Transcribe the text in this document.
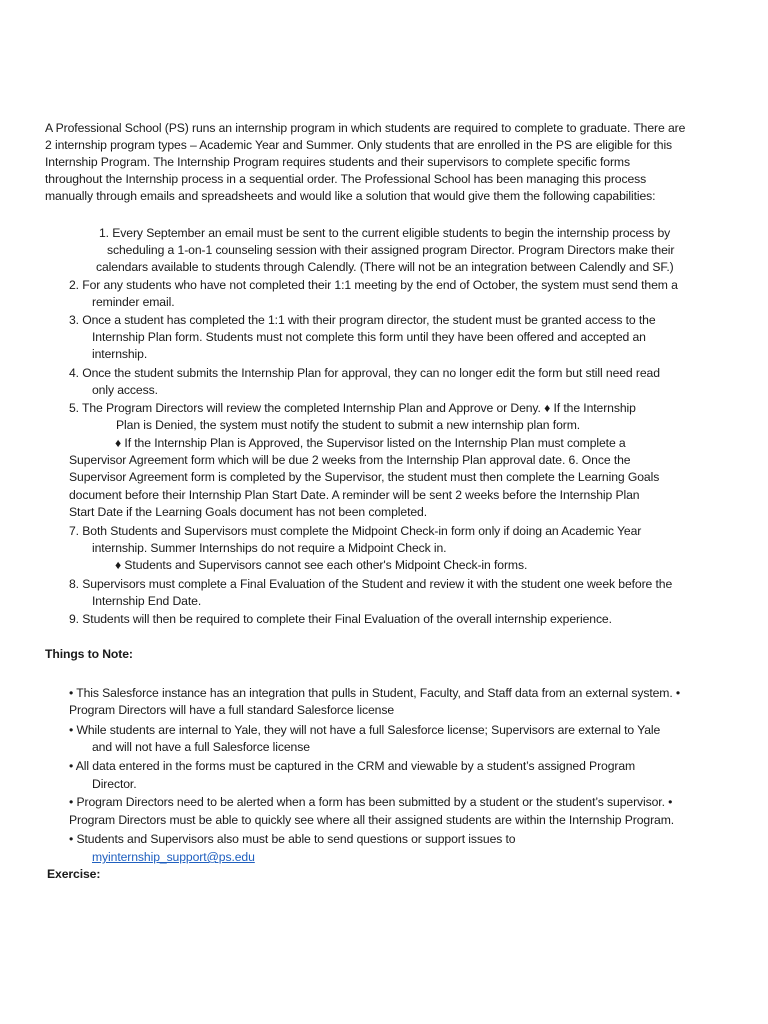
A Professional School (PS) runs an internship program in which students are required to complete to graduate. There are
2 internship program types – Academic Year and Summer. Only students that are enrolled in the PS are eligible for this
Internship Program. The Internship Program requires students and their supervisors to complete specific forms
throughout the Internship process in a sequential order. The Professional School has been managing this process
manually through emails and spreadsheets and would like a solution that would give them the following capabilities:
1. Every September an email must be sent to the current eligible students to begin the internship process by
scheduling a 1-on-1 counseling session with their assigned program Director. Program Directors make their
calendars available to students through Calendly. (There will not be an integration between Calendly and SF.)
2. For any students who have not completed their 1:1 meeting by the end of October, the system must send them a
reminder email.
3. Once a student has completed the 1:1 with their program director, the student must be granted access to the
Internship Plan form. Students must not complete this form until they have been offered and accepted an
internship.
4. Once the student submits the Internship Plan for approval, they can no longer edit the form but still need read
only access.
5. The Program Directors will review the completed Internship Plan and Approve or Deny. ♦ If the Internship
Plan is Denied, the system must notify the student to submit a new internship plan form.
♦ If the Internship Plan is Approved, the Supervisor listed on the Internship Plan must complete a
Supervisor Agreement form which will be due 2 weeks from the Internship Plan approval date. 6. Once the
Supervisor Agreement form is completed by the Supervisor, the student must then complete the Learning Goals
document before their Internship Plan Start Date. A reminder will be sent 2 weeks before the Internship Plan
Start Date if the Learning Goals document has not been completed.
7. Both Students and Supervisors must complete the Midpoint Check-in form only if doing an Academic Year
internship. Summer Internships do not require a Midpoint Check in.
♦ Students and Supervisors cannot see each other's Midpoint Check-in forms.
8. Supervisors must complete a Final Evaluation of the Student and review it with the student one week before the
Internship End Date.
9. Students will then be required to complete their Final Evaluation of the overall internship experience.
Things to Note:
• This Salesforce instance has an integration that pulls in Student, Faculty, and Staff data from an external system. •
Program Directors will have a full standard Salesforce license
• While students are internal to Yale, they will not have a full Salesforce license; Supervisors are external to Yale
and will not have a full Salesforce license
• All data entered in the forms must be captured in the CRM and viewable by a student’s assigned Program
Director.
• Program Directors need to be alerted when a form has been submitted by a student or the student’s supervisor. •
Program Directors must be able to quickly see where all their assigned students are within the Internship Program.
• Students and Supervisors also must be able to send questions or support issues to
myinternship_support@ps.edu
Exercise:
